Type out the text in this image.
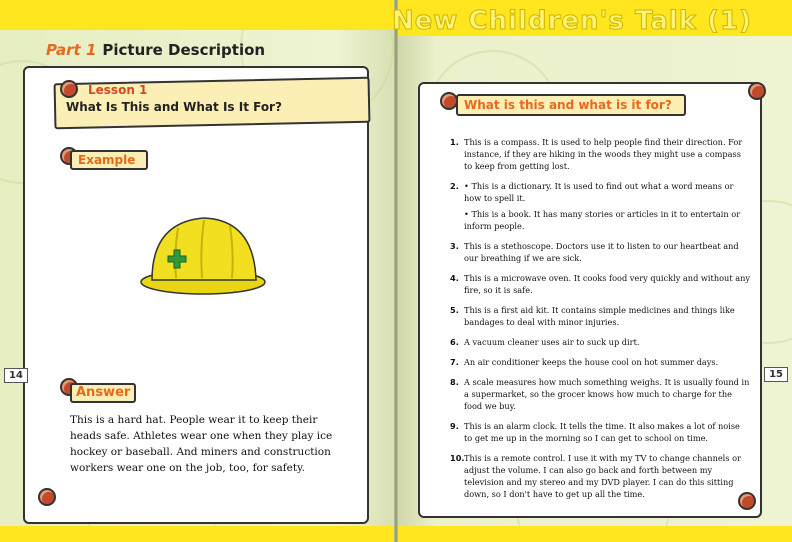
New Children's Talk (1)
Part 1 Picture Description
Lesson 1
What Is This and What Is It For?
Example
Answer
This is a hard hat. People wear it to keep their heads safe. Athletes wear one when they play ice hockey or baseball. And miners and construction workers wear one on the job, too, for safety.
14
What is this and what is it for?
1. This is a compass. It is used to help people find their direction. For instance, if they are hiking in the woods they might use a compass to keep from getting lost.
2.
•	This is a dictionary. It is used to find out what a word means or how to spell it.
• This is a book. It has many stories or articles in it to entertain or inform people.
3. This is a stethoscope. Doctors use it to listen to our heartbeat and our breathing if we are sick.
4. This is a microwave oven. It cooks food very quickly and without any fire, so it is safe.
5. This is a first aid kit. It contains simple medicines and things like bandages to deal with minor injuries.
6. A vacuum cleaner uses air to suck up dirt.
7. An air conditioner keeps the house cool on hot summer days.
8. A scale measures how much something weighs. It is usually found in a supermarket, so the grocer knows how much to charge for the food we buy.
9. This is an alarm clock. It tells the time. It also makes a lot of noise to get me up in the morning so I can get to school on time.
10. This is a remote control. I use it with my TV to change channels or adjust the volume. I can also go back and forth between my television and my stereo and my DVD player. I can do this sitting down, so I don't have to get up all the time.
15
